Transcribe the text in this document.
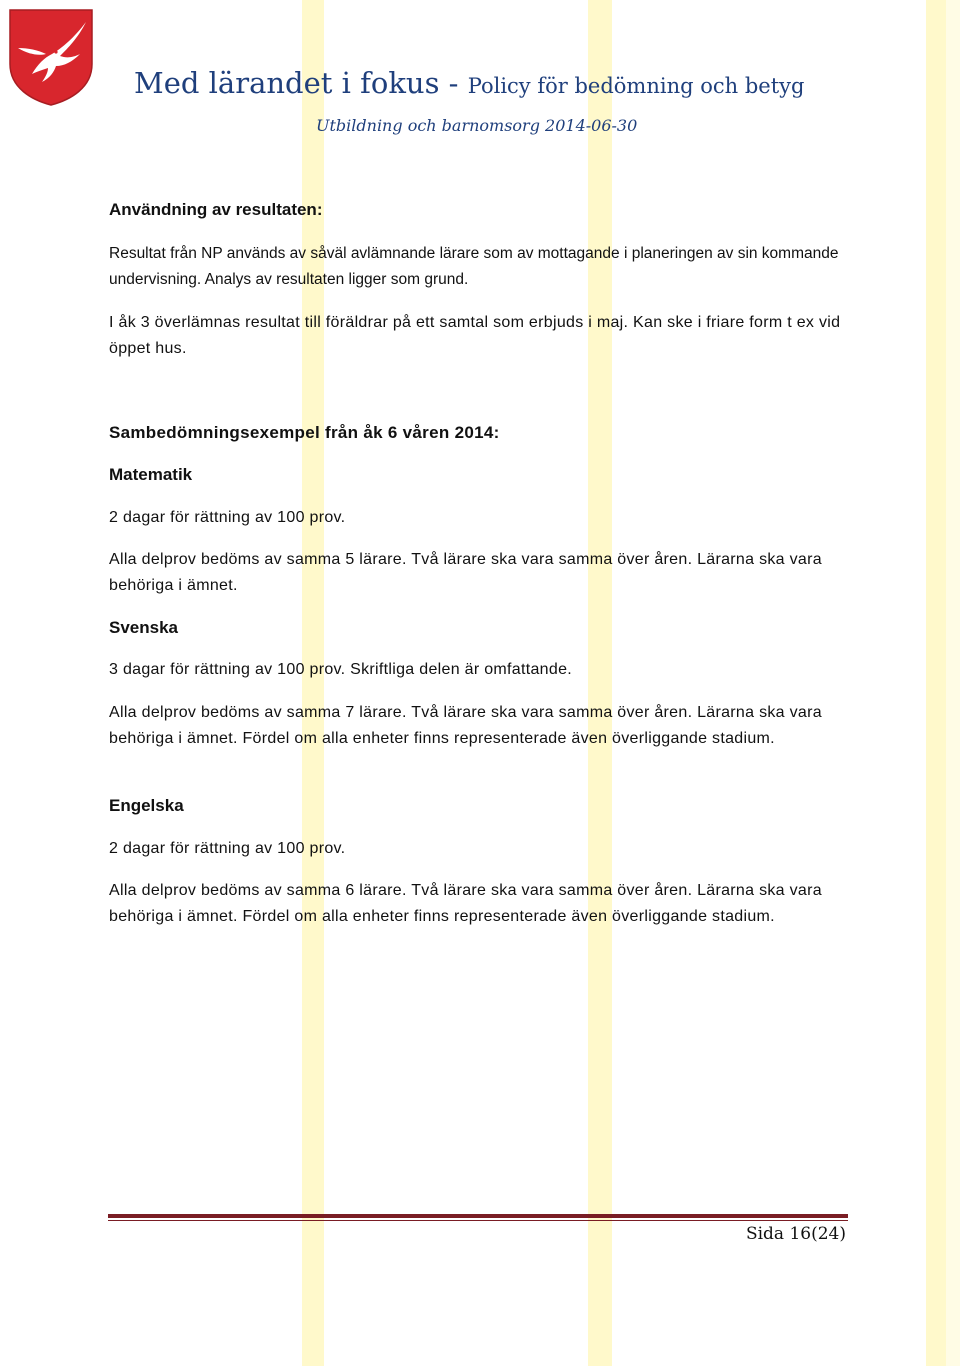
Med lärandet i fokus - Policy för bedömning och betyg
Utbildning och barnomsorg 2014-06-30
Användning av resultaten:
Resultat från NP används av såväl avlämnande lärare som av mottagande i planeringen av sin kommande undervisning. Analys av resultaten ligger som grund.
I åk 3 överlämnas resultat till föräldrar på ett samtal som erbjuds i maj. Kan ske i friare form t ex vid öppet hus.
Sambedömningsexempel från åk 6 våren 2014:
Matematik
2 dagar för rättning av 100 prov.
Alla delprov bedöms av samma 5 lärare. Två lärare ska vara samma över åren. Lärarna ska vara behöriga i ämnet.
Svenska
3 dagar för rättning av 100 prov. Skriftliga delen är omfattande.
Alla delprov bedöms av samma 7 lärare. Två lärare ska vara samma över åren. Lärarna ska vara behöriga i ämnet. Fördel om alla enheter finns representerade även överliggande stadium.
Engelska
2 dagar för rättning av 100 prov.
Alla delprov bedöms av samma 6 lärare. Två lärare ska vara samma över åren. Lärarna ska vara behöriga i ämnet. Fördel om alla enheter finns representerade även överliggande stadium.
Sida 16(24)
